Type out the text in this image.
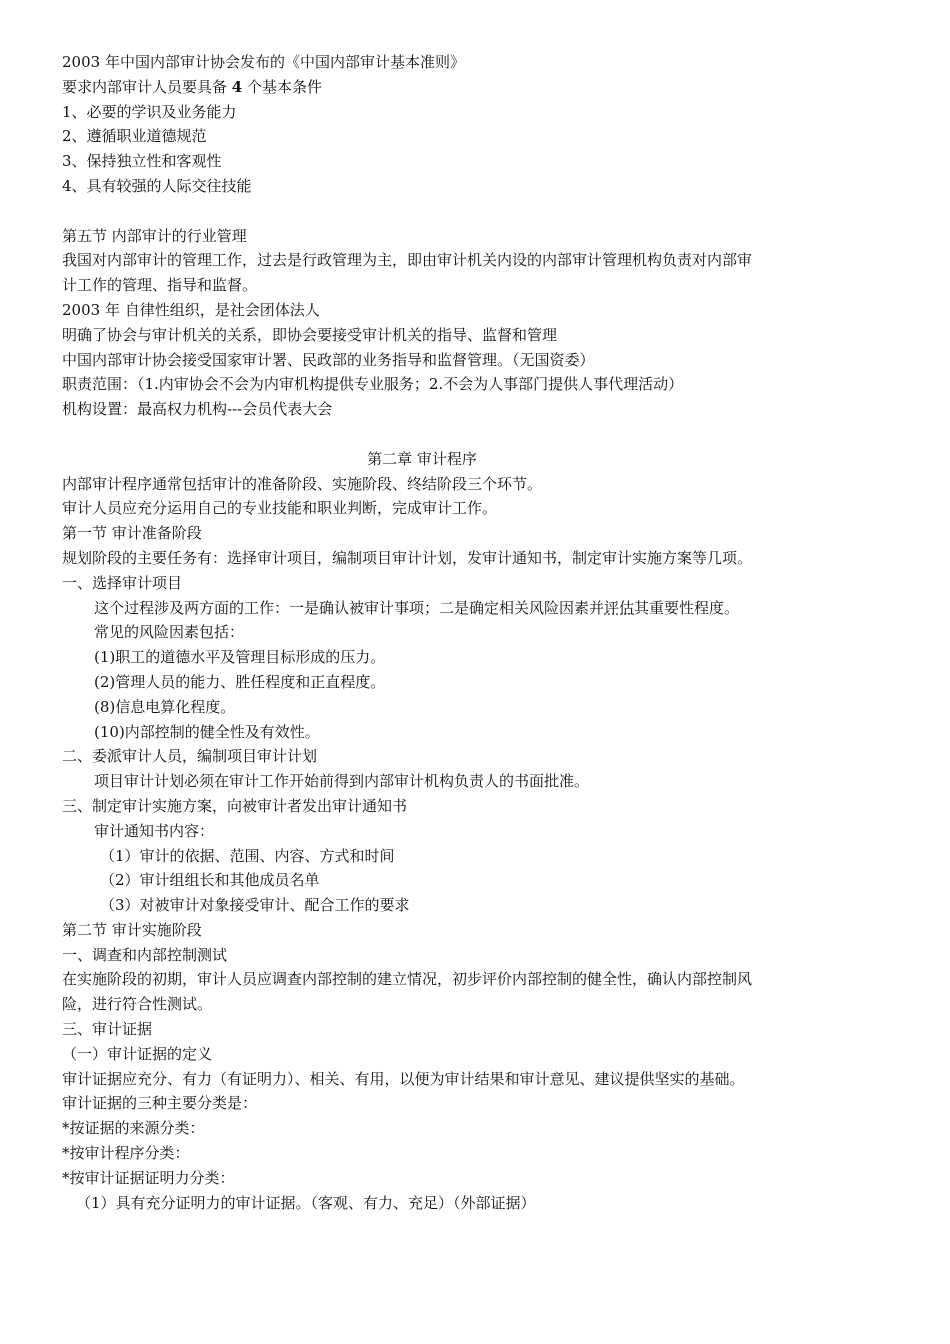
2003 年中国内部审计协会发布的《中国内部审计基本准则》
要求内部审计人员要具备 4 个基本条件
1、必要的学识及业务能力
2、遵循职业道德规范
3、保持独立性和客观性
4、具有较强的人际交往技能
第五节 内部审计的行业管理
我国对内部审计的管理工作，过去是行政管理为主，即由审计机关内设的内部审计管理机构负责对内部审计工作的管理、指导和监督。
2003 年 自律性组织，是社会团体法人
明确了协会与审计机关的关系，即协会要接受审计机关的指导、监督和管理
中国内部审计协会接受国家审计署、民政部的业务指导和监督管理。（无国资委）
职责范围：（1.内审协会不会为内审机构提供专业服务；2.不会为人事部门提供人事代理活动）
机构设置：最高权力机构---会员代表大会
第二章 审计程序
内部审计程序通常包括审计的准备阶段、实施阶段、终结阶段三个环节。
审计人员应充分运用自己的专业技能和职业判断，完成审计工作。
第一节 审计准备阶段
规划阶段的主要任务有：选择审计项目，编制项目审计计划，发审计通知书，制定审计实施方案等几项。
一、选择审计项目
这个过程涉及两方面的工作：一是确认被审计事项；二是确定相关风险因素并评估其重要性程度。
常见的风险因素包括：
(1)职工的道德水平及管理目标形成的压力。
(2)管理人员的能力、胜任程度和正直程度。
(8)信息电算化程度。
(10)内部控制的健全性及有效性。
二、委派审计人员，编制项目审计计划
项目审计计划必须在审计工作开始前得到内部审计机构负责人的书面批准。
三、制定审计实施方案，向被审计者发出审计通知书
审计通知书内容：
（1）审计的依据、范围、内容、方式和时间
（2）审计组组长和其他成员名单
（3）对被审计对象接受审计、配合工作的要求
第二节 审计实施阶段
一、调查和内部控制测试
在实施阶段的初期，审计人员应调查内部控制的建立情况，初步评价内部控制的健全性，确认内部控制风险，进行符合性测试。
三、审计证据
（一）审计证据的定义
审计证据应充分、有力（有证明力）、相关、有用，以便为审计结果和审计意见、建议提供坚实的基础。
审计证据的三种主要分类是：
*按证据的来源分类：
*按审计程序分类：
*按审计证据证明力分类：
（1）具有充分证明力的审计证据。（客观、有力、充足）（外部证据）
